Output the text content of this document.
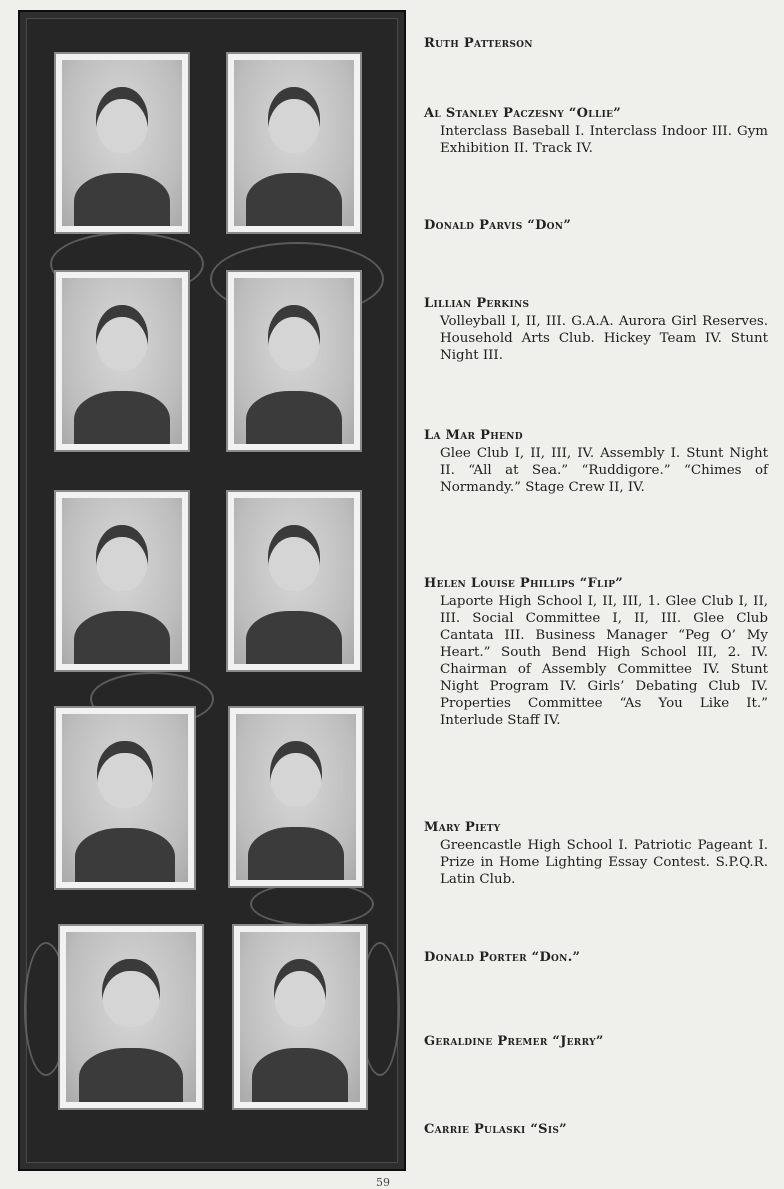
Ruth Patterson
Al Stanley Paczesny “Ollie”
Interclass Baseball I. Interclass Indoor III. Gym Exhibition II. Track IV.
Donald Parvis “Don”
Lillian Perkins
Volleyball I, II, III. G.A.A. Aurora Girl Reserves. Household Arts Club. Hickey Team IV. Stunt Night III.
La Mar Phend
Glee Club I, II, III, IV. Assembly I. Stunt Night II. “All at Sea.” “Ruddigore.” “Chimes of Normandy.” Stage Crew II, IV.
Helen Louise Phillips “Flip”
Laporte High School I, II, III, 1. Glee Club I, II, III. Social Committee I, II, III. Glee Club Cantata III. Business Manager “Peg O’ My Heart.” South Bend High School III, 2. IV. Chairman of Assembly Committee IV. Stunt Night Program IV. Girls’ Debating Club IV. Properties Committee “As You Like It.” Interlude Staff IV.
Mary Piety
Greencastle High School I. Patriotic Pageant I. Prize in Home Lighting Essay Contest. S.P.Q.R. Latin Club.
Donald Porter “Don.”
Geraldine Premer “Jerry”
Carrie Pulaski “Sis”
59
